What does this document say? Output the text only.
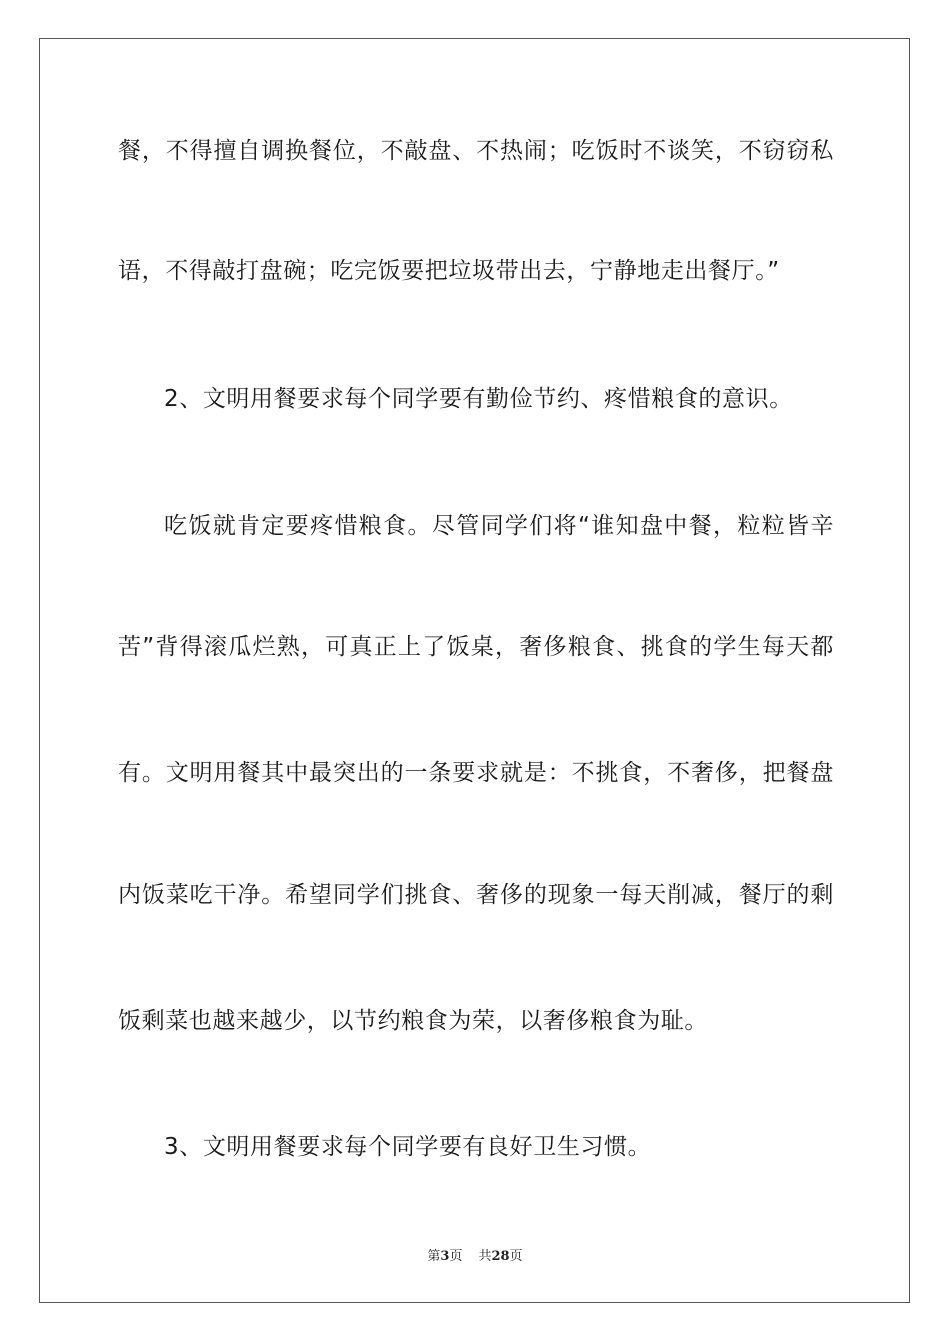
餐，不得擅自调换餐位，不敲盘、不热闹；吃饭时不谈笑，不窃窃私
语，不得敲打盘碗；吃完饭要把垃圾带出去，宁静地走出餐厅。”
2、文明用餐要求每个同学要有勤俭节约、疼惜粮食的意识。
吃饭就肯定要疼惜粮食。尽管同学们将“谁知盘中餐，粒粒皆辛
苦”背得滚瓜烂熟，可真正上了饭桌，奢侈粮食、挑食的学生每天都
有。文明用餐其中最突出的一条要求就是：不挑食，不奢侈，把餐盘
内饭菜吃干净。希望同学们挑食、奢侈的现象一每天削减，餐厅的剩
饭剩菜也越来越少，以节约粮食为荣，以奢侈粮食为耻。
3、文明用餐要求每个同学要有良好卫生习惯。
第3页 共28页
